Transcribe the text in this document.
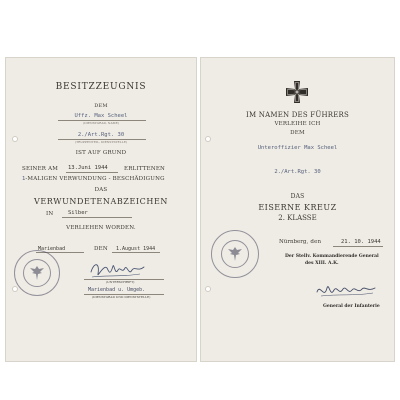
BESITZZEUGNIS
DEM
Uffz. Max Scheel
(DIENSTGRAD, NAME)
2./Art.Rgt. 30
(TRUPPENTEIL, DIENSTSTELLE)
IST AUF GRUND
SEINER AM 13.Juni 1944	ERLITTENEN
1-MALIGEN VERWUNDUNG - BESCHÄDIGUNG
DAS
VERWUNDETENABZEICHEN
IN	Silber
VERLIEHEN WORDEN.
Marienbad	DEN 1.August 1944
(UNTERSCHRIFT)
Marienbad u. Umgeb.
(DIENSTGRAD UND DIENSTSTELLE)
IM NAMEN DES FÜHRERS
VERLEIHE ICH
DEM
Unteroffizier Max Scheel
2./Art.Rgt. 30
DAS
EISERNE KREUZ
2. KLASSE
Nürnberg, den	21. 10. 1944
Der Stellv. Kommandierende General
des XIII. A.K.
General der Infanterie
